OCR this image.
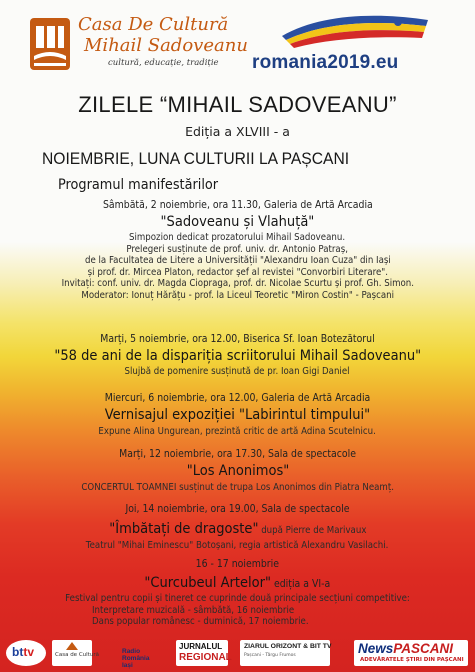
Casa De Cultură
Mihail Sadoveanu
cultură, educație, tradiție	romania2019.eu
ZILELE “MIHAIL SADOVEANU”
Ediția a XLVIII - a
NOIEMBRIE, LUNA CULTURII LA PAȘCANI
Programul manifestărilor
Sâmbătă, 2 noiembrie, ora 11.30, Galeria de Artă Arcadia
"Sadoveanu și Vlahuță"
Simpozion dedicat prozatorului Mihail Sadoveanu.
Prelegeri susținute de prof. univ. dr. Antonio Patraș,
de la Facultatea de Litere a Universității "Alexandru Ioan Cuza" din Iași
și prof. dr. Mircea Platon, redactor șef al revistei "Convorbiri Literare".
Invitați: conf. univ. dr. Magda Ciopraga, prof. dr. Nicolae Scurtu și prof. Gh. Simon.
Moderator: Ionuț Hărățu - prof. la Liceul Teoretic "Miron Costin" - Pașcani
Marți, 5 noiembrie, ora 12.00, Biserica Sf. Ioan Botezătorul
"58 de ani de la dispariția scriitorului Mihail Sadoveanu"
Slujbă de pomenire susținută de pr. Ioan Gigi Daniel
Miercuri, 6 noiembrie, ora 12.00, Galeria de Artă Arcadia
Vernisajul expoziției "Labirintul timpului"
Expune Alina Ungurean, prezintă critic de artă Adina Scutelnicu.
Marți, 12 noiembrie, ora 17.30, Sala de spectacole
"Los Anonimos"
CONCERTUL TOAMNEI susținut de trupa Los Anonimos din Piatra Neamț.
Joi, 14 noiembrie, ora 19.00, Sala de spectacole
"Îmbătați de dragoste" după Pierre de Marivaux
Teatrul "Mihai Eminescu" Botoșani, regia artistică Alexandru Vasilachi.
16 - 17 noiembrie
"Curcubeul Artelor" ediția a VI-a
Festival pentru copii și tineret ce cuprinde două principale secțiuni competitive:
Interpretare muzicală - sâmbătă, 16 noiembrie
Dans popular românesc - duminică, 17 noiembrie.
bttv	Casa de Cultură	Radio
România
Iași
JURNALUL
REGIONAL
ZIARUL ORIZONT & BIT TV
Pașcani - Târgu Frumos	NewsPASCANI
ADEVĂRATELE ȘTIRI DIN PAȘCANI
